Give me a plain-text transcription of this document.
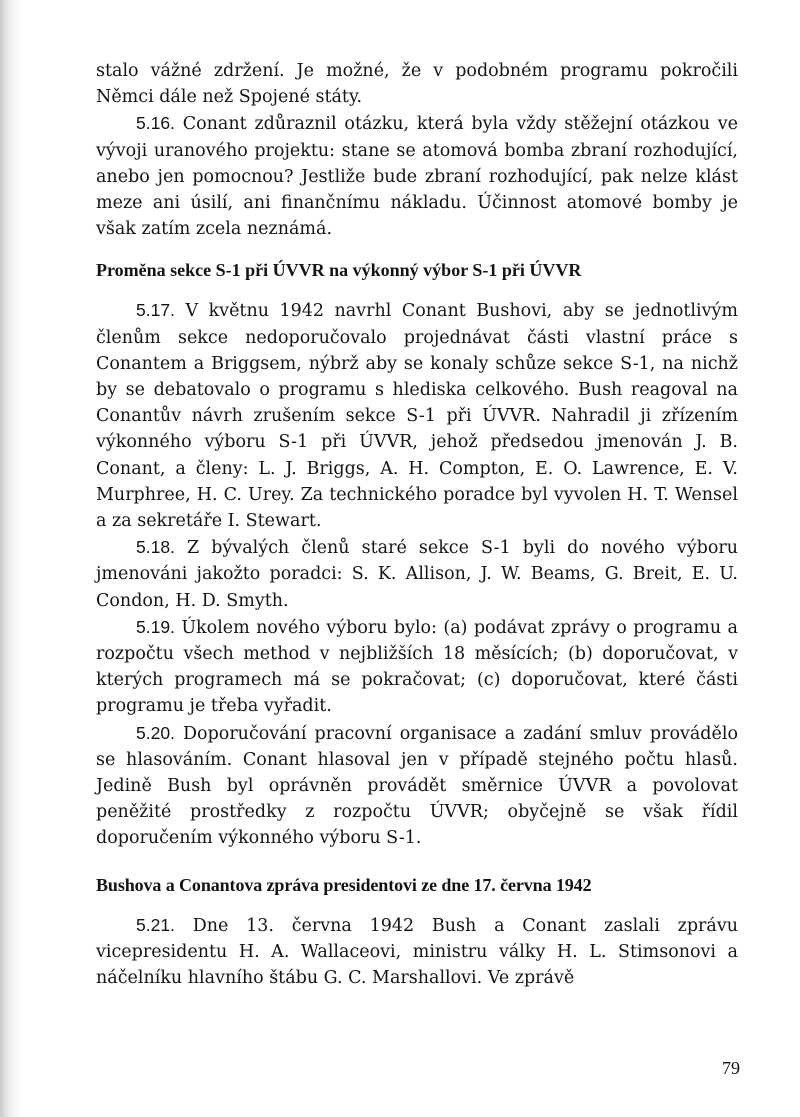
stalo vážné zdržení. Je možné, že v podobném programu pokročili Němci dále než Spojené státy.

5.16. Conant zdůraznil otázku, která byla vždy stěžejní otázkou ve vývoji uranového projektu: stane se atomová bomba zbraní rozhodující, anebo jen pomocnou? Jestliže bude zbraní rozhodující, pak nelze klást meze ani úsilí, ani finančnímu nákladu. Účinnost atomové bomby je však zatím zcela neznámá.

Proměna sekce S-1 při ÚVVR na výkonný výbor S-1 při ÚVVR

5.17. V květnu 1942 navrhl Conant Bushovi, aby se jednotlivým členům sekce nedoporučovalo projednávat části vlastní práce s Conantem a Briggsem, nýbrž aby se konaly schůze sekce S-1, na nichž by se debatovalo o programu s hlediska celkového. Bush reagoval na Conantův návrh zrušením sekce S-1 při ÚVVR. Nahradil ji zřízením výkonného výboru S-1 při ÚVVR, jehož předsedou jmenován J. B. Conant, a členy: L. J. Briggs, A. H. Compton, E. O. Lawrence, E. V. Murphree, H. C. Urey. Za technického poradce byl vyvolen H. T. Wensel a za sekretáře I. Stewart.

5.18. Z bývalých členů staré sekce S-1 byli do nového výboru jmenováni jakožto poradci: S. K. Allison, J. W. Beams, G. Breit, E. U. Condon, H. D. Smyth.

5.19. Úkolem nového výboru bylo: (a) podávat zprávy o programu a rozpočtu všech method v nejbližších 18 měsících; (b) doporučovat, v kterých programech má se pokračovat; (c) doporučovat, které části programu je třeba vyřadit.

5.20. Doporučování pracovní organisace a zadání smluv provádělo se hlasováním. Conant hlasoval jen v případě stejného počtu hlasů. Jedině Bush byl oprávněn provádět směrnice ÚVVR a povolovat peněžité prostředky z rozpočtu ÚVVR; obyčejně se však řídil doporučením výkonného výboru S-1.

Bushova a Conantova zpráva presidentovi ze dne 17. června 1942

5.21. Dne 13. června 1942 Bush a Conant zaslali zprávu vicepresidentu H. A. Wallaceovi, ministru války H. L. Stimsonovi a náčelníku hlavního štábu G. C. Marshallovi. Ve zprávě

79
